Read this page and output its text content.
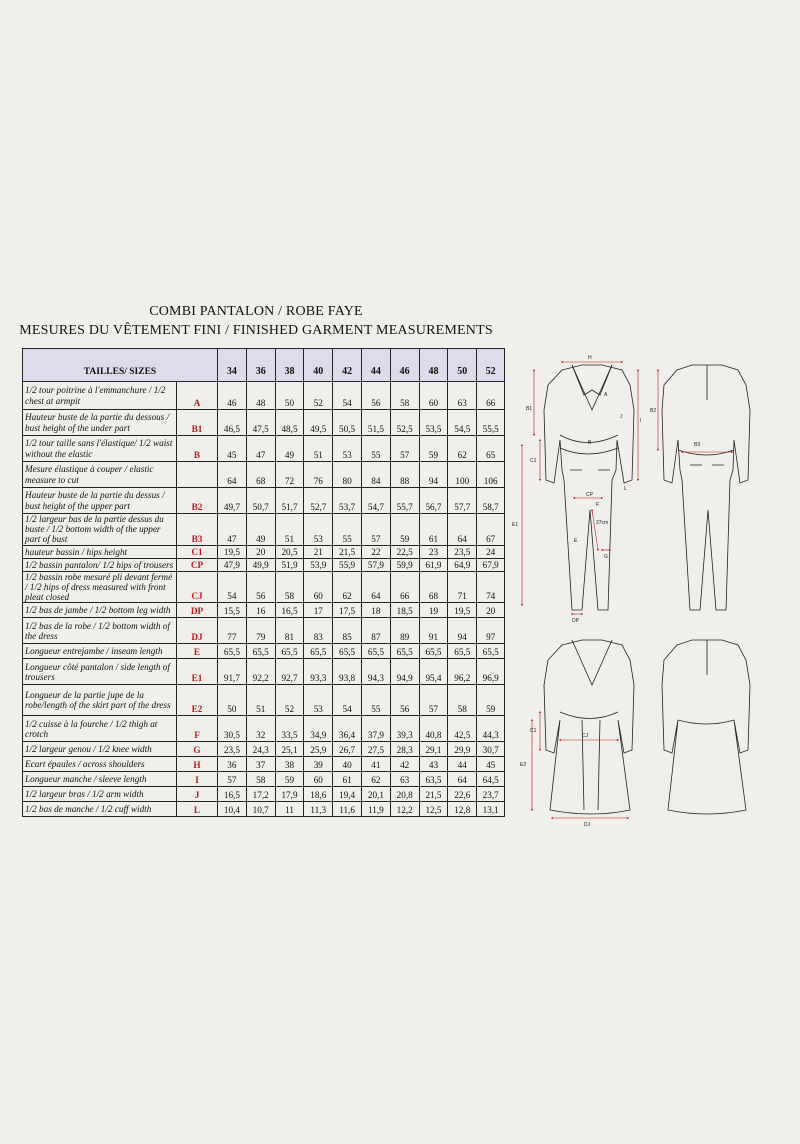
COMBI PANTALON / ROBE FAYE
MESURES DU VÊTEMENT FINI / FINISHED GARMENT MEASUREMENTS
TAILLES/ SIZES		34	36	38	40	42	44	46	48	50	52
1/2 tour poitrine à l'emmanchure / 1/2 chest at armpit	A	46	48	50	52	54	56	58	60	63	66
Hauteur buste de la partie du dessous / bust height of the under part	B1	46,5	47,5	48,5	49,5	50,5	51,5	52,5	53,5	54,5	55,5
1/2 tour taille sans l'élastique/ 1/2 waist without the elastic	B	45	47	49	51	53	55	57	59	62	65
Mesure élastique à couper / elastic measure to cut		64	68	72	76	80	84	88	94	100	106
Hauteur buste de la partie du dessus / bust height of the upper part	B2	49,7	50,7	51,7	52,7	53,7	54,7	55,7	56,7	57,7	58,7
1/2 largeur bas de la partie dessus du buste / 1/2 bottom width of the upper part of bust	B3	47	49	51	53	55	57	59	61	64	67
hauteur bassin / hips height	C1	19,5	20	20,5	21	21,5	22	22,5	23	23,5	24
1/2 bassin pantalon/ 1/2 hips of trousers	CP	47,9	49,9	51,9	53,9	55,9	57,9	59,9	61,9	64,9	67,9
1/2 bassin robe mesuré pli devant fermé / 1/2 hips of dress measured with front pleat closed	CJ	54	56	58	60	62	64	66	68	71	74
1/2 bas de jambe / 1/2 bottom leg width	DP	15,5	16	16,5	17	17,5	18	18,5	19	19,5	20
1/2 bas de la robe / 1/2 bottom width of the dress	DJ	77	79	81	83	85	87	89	91	94	97
Longueur entrejambe / inseam length	E	65,5	65,5	65,5	65,5	65,5	65,5	65,5	65,5	65,5	65,5
Longueur côté pantalon / side length of trousers	E1	91,7	92,2	92,7	93,3	93,8	94,3	94,9	95,4	96,2	96,9
Longueur de la partie jupe de la robe/length of the skirt part of the dress	E2	50	51	52	53	54	55	56	57	58	59
1/2 cuisse à la fourche / 1/2 thigh at crotch	F	30,5	32	33,5	34,9	36,4	37,9	39,3	40,8	42,5	44,3
1/2 largeur genou / 1/2 knee width	G	23,5	24,3	25,1	25,9	26,7	27,5	28,3	29,1	29,9	30,7
Ecart épaules / across shoulders	H	36	37	38	39	40	41	42	43	44	45
Longueur manche / sleeve length	I	57	58	59	60	61	62	63	63,5	64	64,5
1/2 largeur bras / 1/2 arm width	J	16,5	17,2	17,9	18,6	19,4	20,1	20,8	21,5	22,6	23,7
1/2 bas de manche / 1/2 cuff width	L	10,4	10,7	11	11,3	11,6	11,9	12,2	12,5	12,8	13,1
H
B1
C1
E1
I
A
J
B
CP
F
L
27cm
E
G
DP
B2
B3
C1
CJ
E2
DJ
